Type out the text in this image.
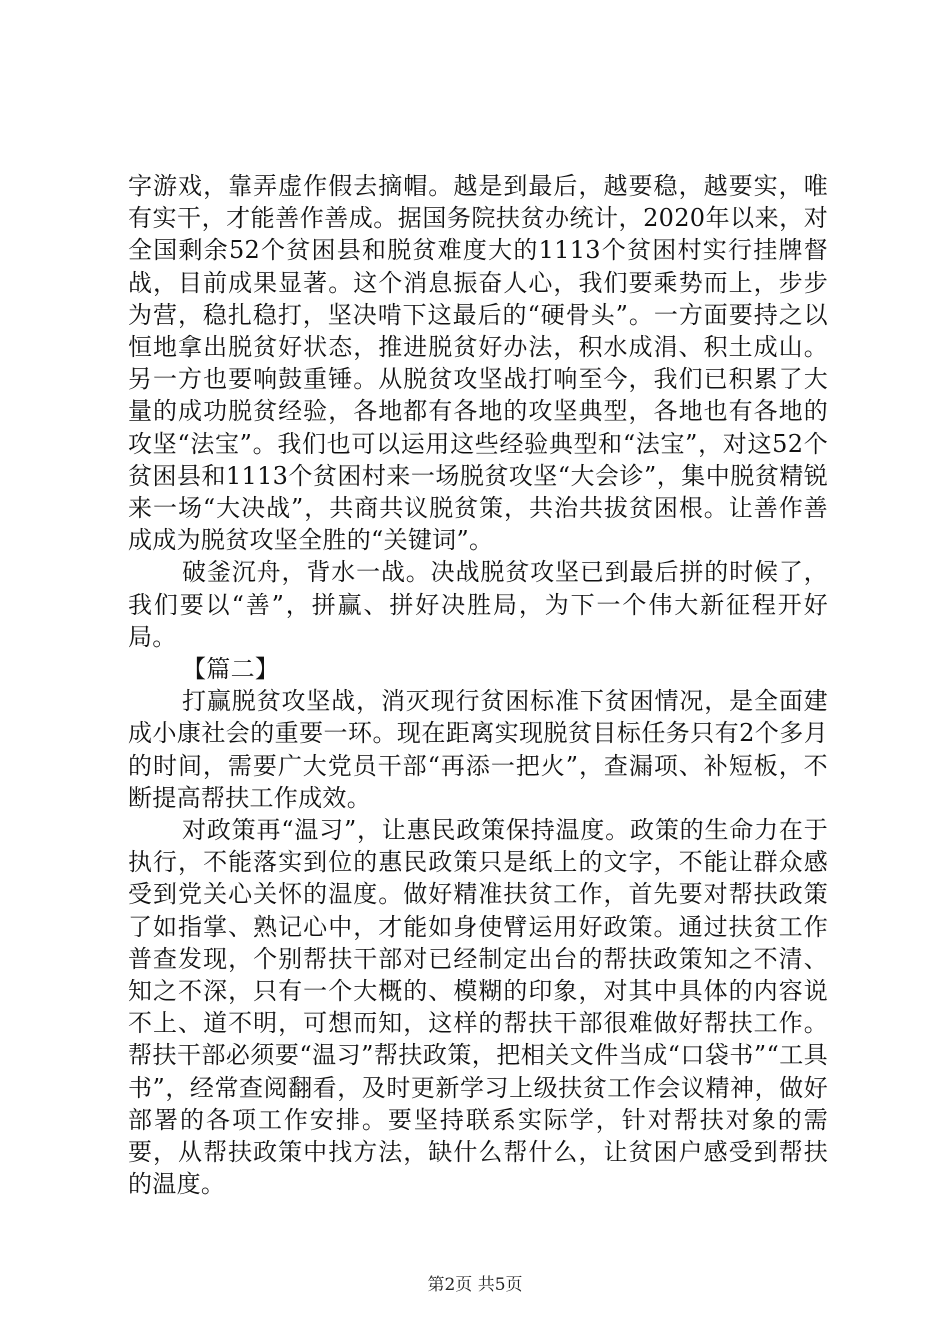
字游戏，靠弄虚作假去摘帽。越是到最后，越要稳，越要实，唯有实干，才能善作善成。据国务院扶贫办统计，2020年以来，对全国剩余52个贫困县和脱贫难度大的1113个贫困村实行挂牌督战，目前成果显著。这个消息振奋人心，我们要乘势而上，步步为营，稳扎稳打，坚决啃下这最后的“硬骨头”。一方面要持之以恒地拿出脱贫好状态，推进脱贫好办法，积水成涓、积土成山。另一方也要响鼓重锤。从脱贫攻坚战打响至今，我们已积累了大量的成功脱贫经验，各地都有各地的攻坚典型，各地也有各地的攻坚“法宝”。我们也可以运用这些经验典型和“法宝”，对这52个贫困县和1113个贫困村来一场脱贫攻坚“大会诊”，集中脱贫精锐来一场“大决战”，共商共议脱贫策，共治共拔贫困根。让善作善成成为脱贫攻坚全胜的“关键词”。

破釜沉舟，背水一战。决战脱贫攻坚已到最后拼的时候了，我们要以“善”，拼赢、拼好决胜局，为下一个伟大新征程开好局。

【篇二】

打赢脱贫攻坚战，消灭现行贫困标准下贫困情况，是全面建成小康社会的重要一环。现在距离实现脱贫目标任务只有2个多月的时间，需要广大党员干部“再添一把火”，查漏项、补短板，不断提高帮扶工作成效。

对政策再“温习”，让惠民政策保持温度。政策的生命力在于执行，不能落实到位的惠民政策只是纸上的文字，不能让群众感受到党关心关怀的温度。做好精准扶贫工作，首先要对帮扶政策了如指掌、熟记心中，才能如身使臂运用好政策。通过扶贫工作普查发现，个别帮扶干部对已经制定出台的帮扶政策知之不清、知之不深，只有一个大概的、模糊的印象，对其中具体的内容说不上、道不明，可想而知，这样的帮扶干部很难做好帮扶工作。帮扶干部必须要“温习”帮扶政策，把相关文件当成“口袋书”“工具书”，经常查阅翻看，及时更新学习上级扶贫工作会议精神，做好部署的各项工作安排。要坚持联系实际学，针对帮扶对象的需要，从帮扶政策中找方法，缺什么帮什么，让贫困户感受到帮扶的温度。

第2页 共5页
